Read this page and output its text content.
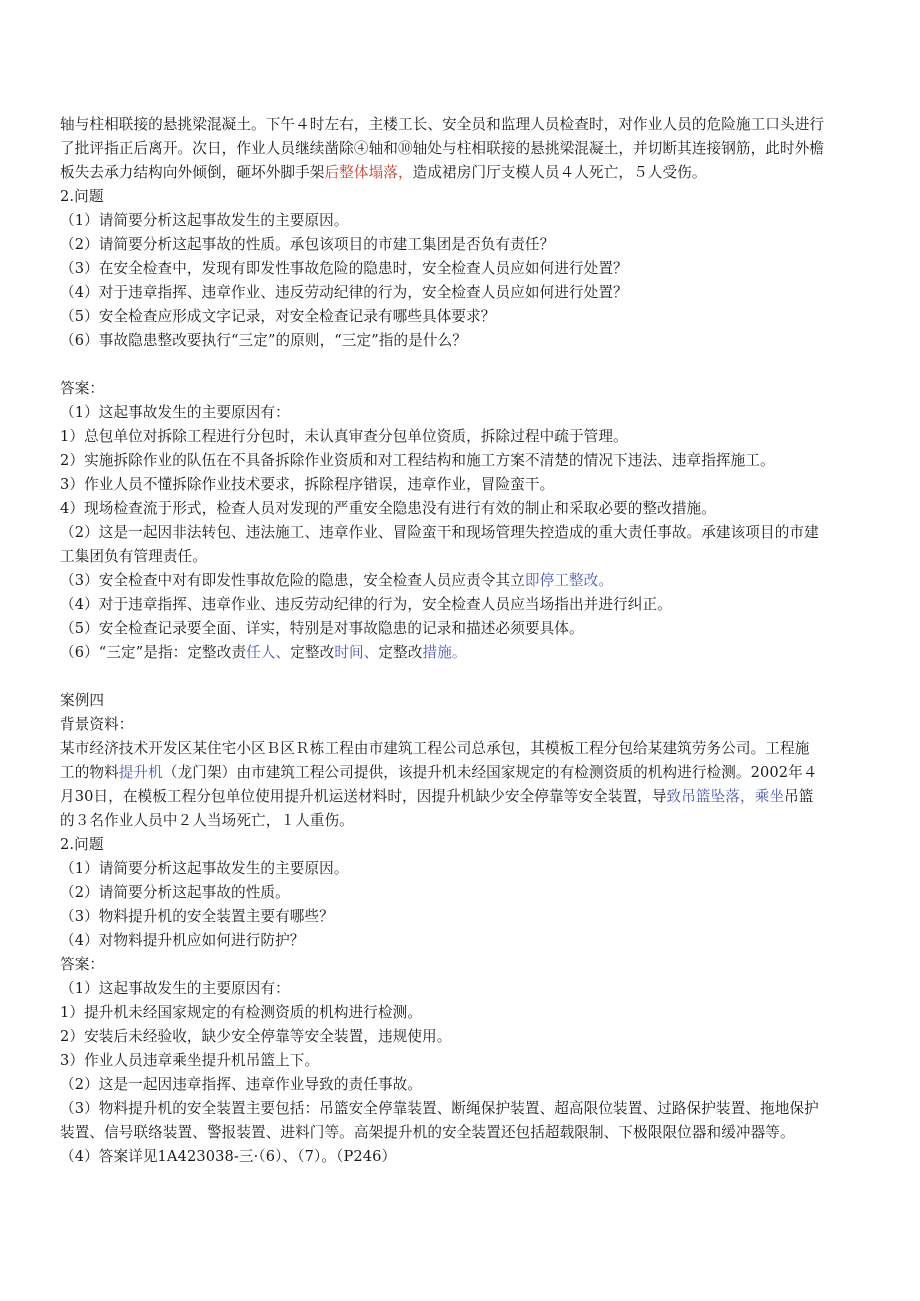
轴与柱相联接的悬挑梁混凝土。下午４时左右，主楼工长、安全员和监理人员检查时，对作业人员的危险施工口头进行
了批评指正后离开。次日，作业人员继续凿除④轴和⑩轴处与柱相联接的悬挑梁混凝土，并切断其连接钢筋，此时外檐
板失去承力结构向外倾倒，砸坏外脚手架后整体塌落，造成裙房门厅支模人员４人死亡，５人受伤。
2.问题
（1）请简要分析这起事故发生的主要原因。
（2）请简要分析这起事故的性质。承包该项目的市建工集团是否负有责任？
（3）在安全检查中，发现有即发性事故危险的隐患时，安全检查人员应如何进行处置？
（4）对于违章指挥、违章作业、违反劳动纪律的行为，安全检查人员应如何进行处置？
（5）安全检查应形成文字记录，对安全检查记录有哪些具体要求？
（6）事故隐患整改要执行“三定”的原则，“三定”指的是什么？
答案：
（1）这起事故发生的主要原因有：
1）总包单位对拆除工程进行分包时，未认真审查分包单位资质，拆除过程中疏于管理。
2）实施拆除作业的队伍在不具备拆除作业资质和对工程结构和施工方案不清楚的情况下违法、违章指挥施工。
3）作业人员不懂拆除作业技术要求，拆除程序错误，违章作业，冒险蛮干。
4）现场检查流于形式，检查人员对发现的严重安全隐患没有进行有效的制止和采取必要的整改措施。
（2）这是一起因非法转包、违法施工、违章作业、冒险蛮干和现场管理失控造成的重大责任事故。承建该项目的市建
工集团负有管理责任。
（3）安全检查中对有即发性事故危险的隐患，安全检查人员应责令其立即停工整改。
（4）对于违章指挥、违章作业、违反劳动纪律的行为，安全检查人员应当场指出并进行纠正。
（5）安全检查记录要全面、详实，特别是对事故隐患的记录和描述必须要具体。
（6）“三定”是指：定整改责任人、定整改时间、定整改措施。
案例四
背景资料：
某市经济技术开发区某住宅小区Ｂ区Ｒ栋工程由市建筑工程公司总承包，其模板工程分包给某建筑劳务公司。工程施
工的物料提升机（龙门架）由市建筑工程公司提供，该提升机未经国家规定的有检测资质的机构进行检测。2002年４
月30日，在模板工程分包单位使用提升机运送材料时，因提升机缺少安全停靠等安全装置，导致吊篮坠落，乘坐吊篮
的３名作业人员中２人当场死亡，１人重伤。
2.问题
（1）请简要分析这起事故发生的主要原因。
（2）请简要分析这起事故的性质。
（3）物料提升机的安全装置主要有哪些？
（4）对物料提升机应如何进行防护？
答案：
（1）这起事故发生的主要原因有：
1）提升机未经国家规定的有检测资质的机构进行检测。
2）安装后未经验收，缺少安全停靠等安全装置，违规使用。
3）作业人员违章乘坐提升机吊篮上下。
（2）这是一起因违章指挥、违章作业导致的责任事故。
（3）物料提升机的安全装置主要包括：吊篮安全停靠装置、断绳保护装置、超高限位装置、过路保护装置、拖地保护
装置、信号联络装置、警报装置、进料门等。高架提升机的安全装置还包括超载限制、下极限限位器和缓冲器等。
（4）答案详见1A423038-三·（6）、（7）。（P246）
